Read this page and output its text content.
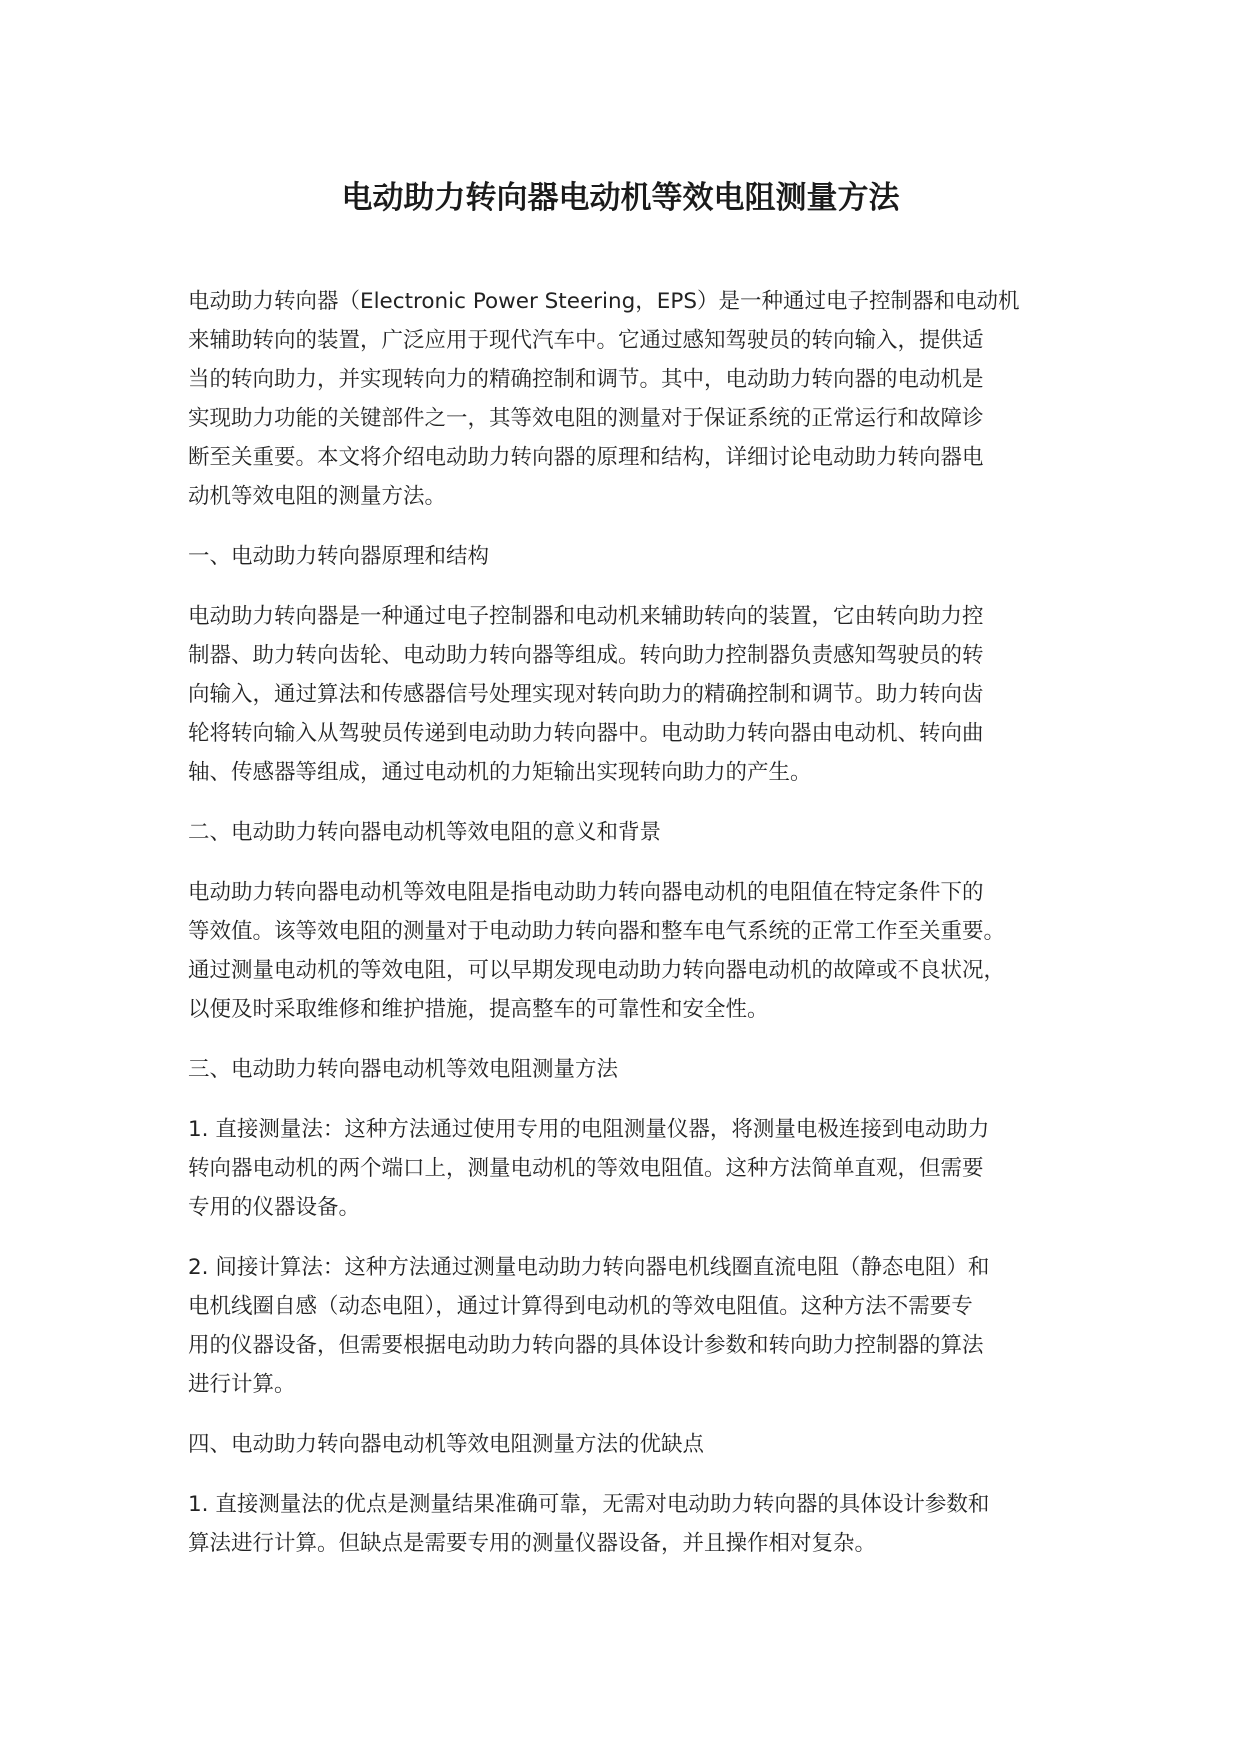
电动助力转向器电动机等效电阻测量方法
电动助力转向器（Electronic Power Steering，EPS）是一种通过电子控制器和电动机
来辅助转向的装置，广泛应用于现代汽车中。它通过感知驾驶员的转向输入，提供适
当的转向助力，并实现转向力的精确控制和调节。其中，电动助力转向器的电动机是
实现助力功能的关键部件之一，其等效电阻的测量对于保证系统的正常运行和故障诊
断至关重要。本文将介绍电动助力转向器的原理和结构，详细讨论电动助力转向器电
动机等效电阻的测量方法。
一、电动助力转向器原理和结构
电动助力转向器是一种通过电子控制器和电动机来辅助转向的装置，它由转向助力控
制器、助力转向齿轮、电动助力转向器等组成。转向助力控制器负责感知驾驶员的转
向输入，通过算法和传感器信号处理实现对转向助力的精确控制和调节。助力转向齿
轮将转向输入从驾驶员传递到电动助力转向器中。电动助力转向器由电动机、转向曲
轴、传感器等组成，通过电动机的力矩输出实现转向助力的产生。
二、电动助力转向器电动机等效电阻的意义和背景
电动助力转向器电动机等效电阻是指电动助力转向器电动机的电阻值在特定条件下的
等效值。该等效电阻的测量对于电动助力转向器和整车电气系统的正常工作至关重要。
通过测量电动机的等效电阻，可以早期发现电动助力转向器电动机的故障或不良状况，
以便及时采取维修和维护措施，提高整车的可靠性和安全性。
三、电动助力转向器电动机等效电阻测量方法
1. 直接测量法：这种方法通过使用专用的电阻测量仪器，将测量电极连接到电动助力
转向器电动机的两个端口上，测量电动机的等效电阻值。这种方法简单直观，但需要
专用的仪器设备。
2. 间接计算法：这种方法通过测量电动助力转向器电机线圈直流电阻（静态电阻）和
电机线圈自感（动态电阻），通过计算得到电动机的等效电阻值。这种方法不需要专
用的仪器设备，但需要根据电动助力转向器的具体设计参数和转向助力控制器的算法
进行计算。
四、电动助力转向器电动机等效电阻测量方法的优缺点
1. 直接测量法的优点是测量结果准确可靠，无需对电动助力转向器的具体设计参数和
算法进行计算。但缺点是需要专用的测量仪器设备，并且操作相对复杂。
